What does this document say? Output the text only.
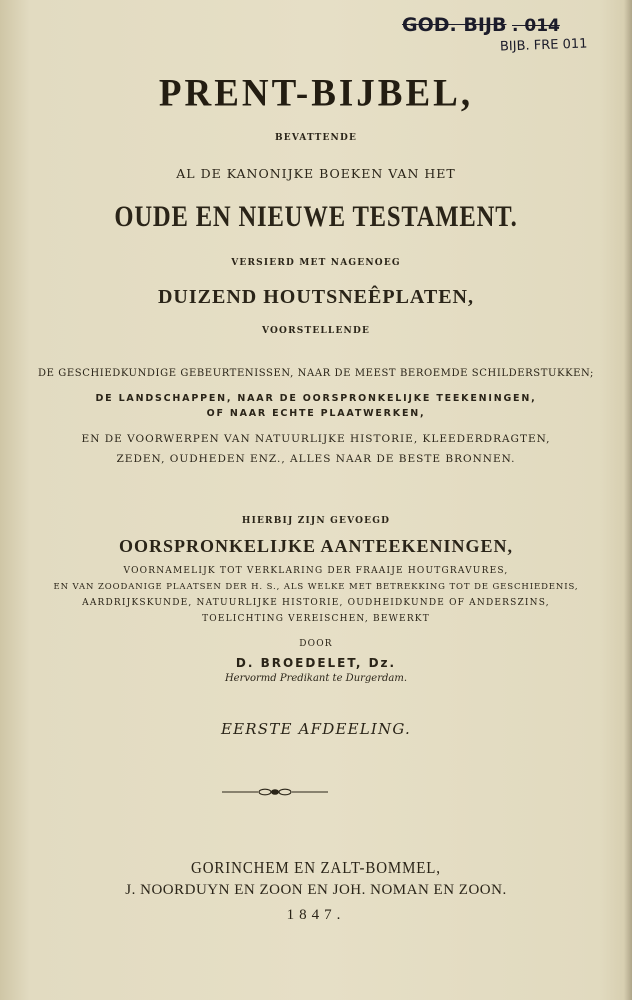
GOD. BIJB . 014
BIJB. FRE 011
PRENT-BIJBEL,
BEVATTENDE
AL DE KANONIJKE BOEKEN VAN HET
OUDE EN NIEUWE TESTAMENT.
VERSIERD MET NAGENOEG
DUIZEND HOUTSNEÊPLATEN,
VOORSTELLENDE
DE GESCHIEDKUNDIGE GEBEURTENISSEN, NAAR DE MEEST BEROEMDE SCHILDERSTUKKEN;
DE LANDSCHAPPEN, NAAR DE OORSPRONKELIJKE TEEKENINGEN,
OF NAAR ECHTE PLAATWERKEN,
EN DE VOORWERPEN VAN NATUURLIJKE HISTORIE, KLEEDERDRAGTEN,
ZEDEN, OUDHEDEN ENZ., ALLES NAAR DE BESTE BRONNEN.
HIERBIJ ZIJN GEVOEGD
OORSPRONKELIJKE AANTEEKENINGEN,
VOORNAMELIJK TOT VERKLARING DER FRAAIJE HOUTGRAVURES,
EN VAN ZOODANIGE PLAATSEN DER H. S., ALS WELKE MET BETREKKING TOT DE GESCHIEDENIS,
AARDRIJKSKUNDE, NATUURLIJKE HISTORIE, OUDHEIDKUNDE OF ANDERSZINS,
TOELICHTING VEREISCHEN, BEWERKT
DOOR
D. BROEDELET, Dz.
Hervormd Predikant te Durgerdam.
EERSTE AFDEELING.
GORINCHEM EN ZALT-BOMMEL,
J. NOORDUYN EN ZOON EN JOH. NOMAN EN ZOON.
1847.
